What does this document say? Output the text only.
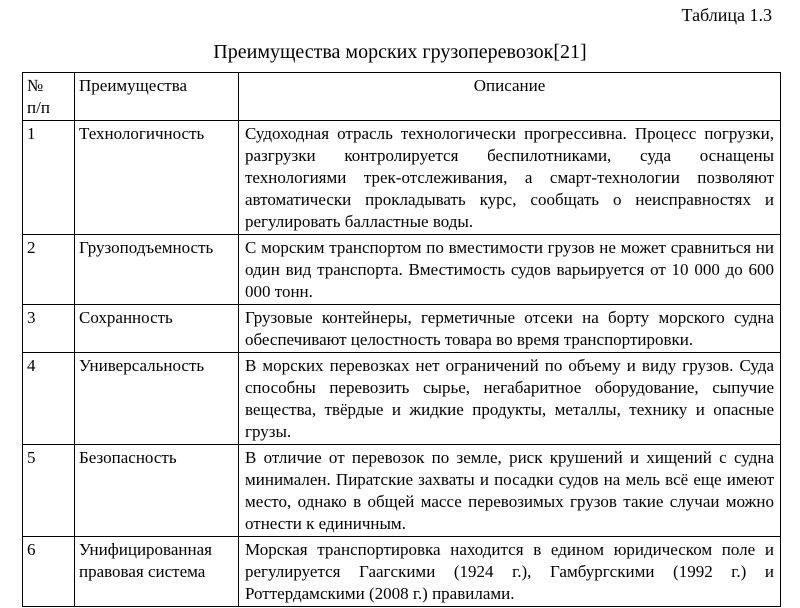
Таблица 1.3
Преимущества морских грузоперевозок[21]
№
п/п	Преимущества	Описание
1	Технологичность	Судоходная отрасль технологически прогрессивна. Процесс погрузки, разгрузки контролируется беспилотниками, суда оснащены технологиями трек-отслеживания, а смарт-технологии позволяют автоматически прокладывать курс, сообщать о неисправностях и регулировать балластные воды.
2	Грузоподъемность	С морским транспортом по вместимости грузов не может сравниться ни один вид транспорта. Вместимость судов варьируется от 10 000 до 600 000 тонн.
3	Сохранность	Грузовые контейнеры, герметичные отсеки на борту морского судна обеспечивают целостность товара во время транспортировки.
4	Универсальность	В морских перевозках нет ограничений по объему и виду грузов. Суда способны перевозить сырье, негабаритное оборудование, сыпучие вещества, твёрдые и жидкие продукты, металлы, технику и опасные грузы.
5	Безопасность	В отличие от перевозок по земле, риск крушений и хищений с судна минимален. Пиратские захваты и посадки судов на мель всё еще имеют место, однако в общей массе перевозимых грузов такие случаи можно отнести к единичным.
6	Унифицированная правовая система	Морская транспортировка находится в едином юридическом поле и регулируется Гаагскими (1924 г.), Гамбургскими (1992 г.) и Роттердамскими (2008 г.) правилами.
